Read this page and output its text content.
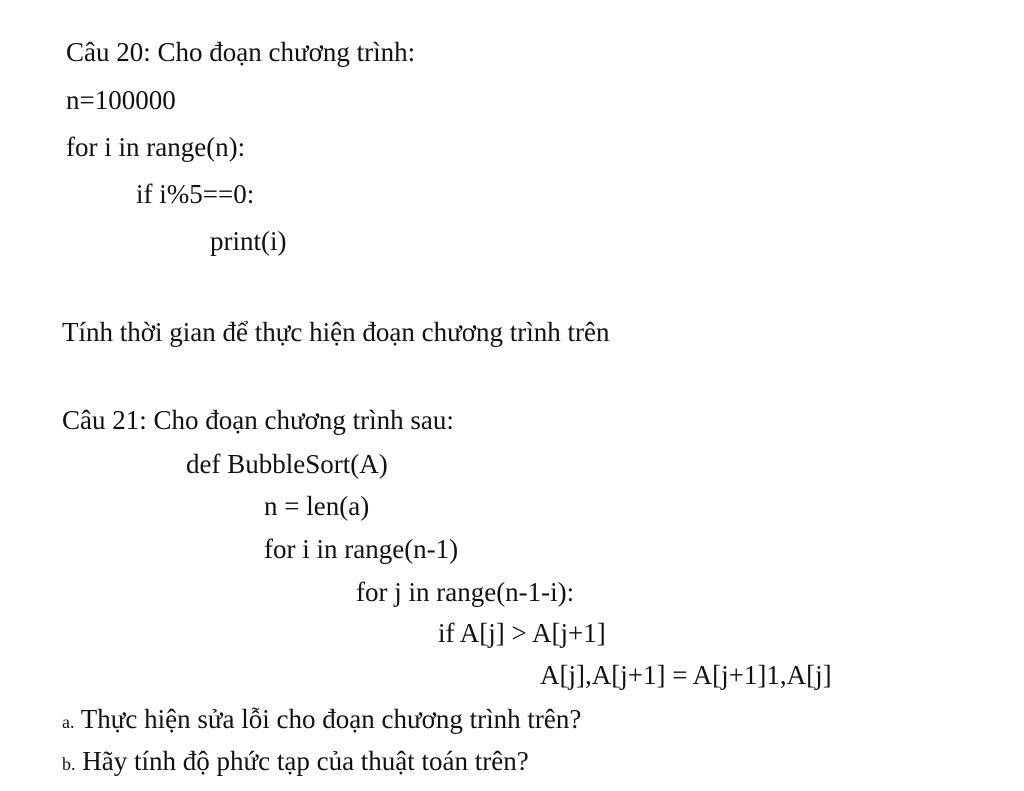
Câu 20: Cho đoạn chương trình:
n=100000
for i in range(n):
if i%5==0:
print(i)
Tính thời gian để thực hiện đoạn chương trình trên
Câu 21: Cho đoạn chương trình sau:
def BubbleSort(A)
n = len(a)
for i in range(n-1)
for j in range(n-1-i):
if A[j] > A[j+1]
A[j],A[j+1] = A[j+1]1,A[j]
a. Thực hiện sửa lỗi cho đoạn chương trình trên?
b. Hãy tính độ phức tạp của thuật toán trên?
